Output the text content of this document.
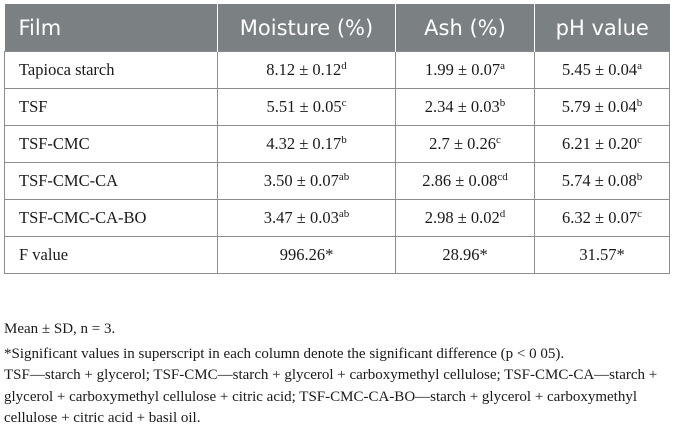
Film	Moisture (%)	Ash (%)	pH value
Tapioca starch	8.12 ± 0.12$^d$	1.99 ± 0.07$^a$	5.45 ± 0.04$^a$
TSF	5.51 ± 0.05$^c$	2.34 ± 0.03$^b$	5.79 ± 0.04$^b$
TSF-CMC	4.32 ± 0.17$^b$	2.7 ± 0.26$^c$	6.21 ± 0.20$^c$
TSF-CMC-CA	3.50 ± 0.07$^{ab}$	2.86 ± 0.08$^{cd}$	5.74 ± 0.08$^b$
TSF-CMC-CA-BO	3.47 ± 0.03$^{ab}$	2.98 ± 0.02$^d$	6.32 ± 0.07$^c$
F value	996.26*	28.96*	31.57*

Mean ± SD, n = 3.

*Significant values in superscript in each column denote the significant difference (p < 0 05).

TSF—starch + glycerol; TSF-CMC—starch + glycerol + carboxymethyl cellulose; TSF-CMC-CA—starch + glycerol + carboxymethyl cellulose + citric acid; TSF-CMC-CA-BO—starch + glycerol + carboxymethyl cellulose + citric acid + basil oil.
